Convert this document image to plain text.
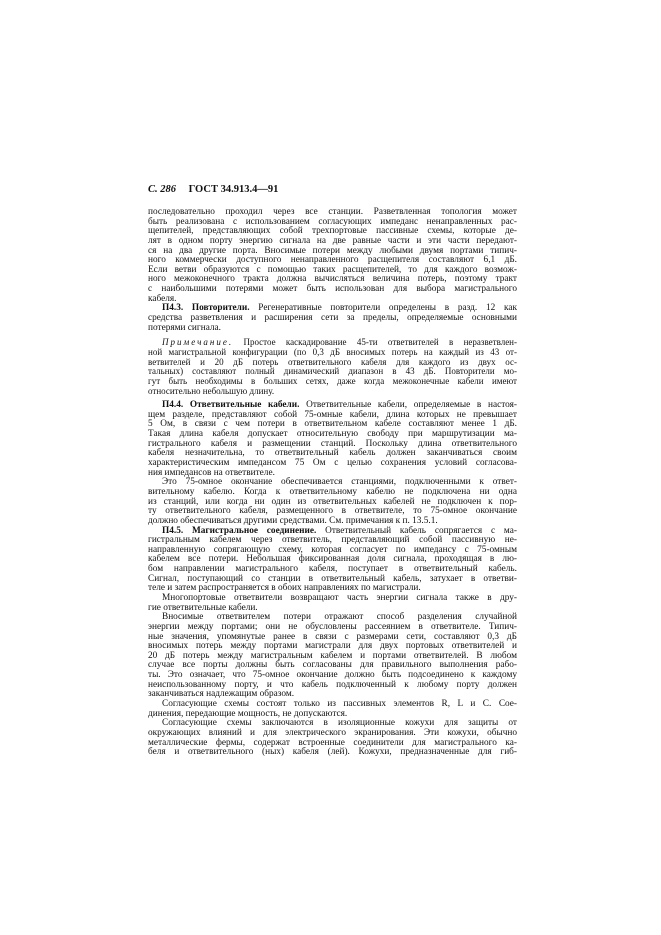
С. 286 ГОСТ 34.913.4—91
последовательно проходил через все станции. Разветвленная топология может
быть реализована с использованием согласующих импеданс ненаправленных рас-
щепителей, представляющих собой трехпортовые пассивные схемы, которые де-
лят в одном порту энергию сигнала на две равные части и эти части передают-
ся на два другие порта. Вносимые потери между любыми двумя портами типич-
ного коммерчески доступного ненаправленного расщепителя составляют 6,1 дБ.
Если ветви образуются с помощью таких расщепителей, то для каждого возмож-
ного межоконечного тракта должна вычисляться величина потерь, поэтому тракт
с наибольшими потерями может быть использован для выбора магистрального
кабеля.
П4.3. Повторители. Регенеративные повторители определены в разд. 12 как
средства разветвления и расширения сети за пределы, определяемые основными
потерями сигнала.
Примечание. Простое каскадирование 45-ти ответвителей в неразветвлен-
ной магистральной конфигурации (по 0,3 дБ вносимых потерь на каждый из 43 от-
ветвителей и 20 дБ потерь ответвительного кабеля для каждого из двух ос-
тальных) составляют полный динамический диапазон в 43 дБ. Повторители мо-
гут быть необходимы в больших сетях, даже когда межоконечные кабели имеют
относительно небольшую длину.
П4.4. Ответвительные кабели. Ответвительные кабели, определяемые в настоя-
щем разделе, представляют собой 75-омные кабели, длина которых не превышает
5 Ом, в связи с чем потери в ответвительном кабеле составляют менее 1 дБ.
Такая длина кабеля допускает относительную свободу при маршрутизации ма-
гистрального кабеля и размещении станций. Поскольку длина ответвительного
кабеля незначительна, то ответвительный кабель должен заканчиваться своим
характеристическим импедансом 75 Ом с целью сохранения условий согласова-
ния импедансов на ответвителе.
Это 75-омное окончание обеспечивается станциями, подключенными к ответ-
вительному кабелю. Когда к ответвительному кабелю не подключена ни одна
из станций, или когда ни один из ответвительных кабелей не подключен к пор-
ту ответвительного кабеля, размещенного в ответвителе, то 75-омное окончание
должно обеспечиваться другими средствами. См. примечания к п. 13.5.1.
П4.5. Магистральное соединение. Ответвительный кабель сопрягается с ма-
гистральным кабелем через ответвитель, представляющий собой пассивную не-
направленную сопрягающую схему, которая согласует по импедансу с 75-омным
кабелем все потери. Небольшая фиксированная доля сигнала, проходящая в лю-
бом направлении магистрального кабеля, поступает в ответвительный кабель.
Сигнал, поступающий со станции в ответвительный кабель, затухает в ответви-
теле и затем распространяется в обоих направлениях по магистрали.
Многопортовые ответвители возвращают часть энергии сигнала также в дру-
гие ответвительные кабели.
Вносимые ответвителем потери отражают способ разделения случайной
энергии между портами; они не обусловлены рассеянием в ответвителе. Типич-
ные значения, упомянутые ранее в связи с размерами сети, составляют 0,3 дБ
вносимых потерь между портами магистрали для двух портовых ответвителей и
20 дБ потерь между магистральным кабелем и портами ответвителей. В любом
случае все порты должны быть согласованы для правильного выполнения рабо-
ты. Это означает, что 75-омное окончание должно быть подсоединено к каждому
неиспользованному порту, и что кабель подключенный к любому порту должен
заканчиваться надлежащим образом.
Согласующие схемы состоят только из пассивных элементов R, L и C. Сое-
динения, передающие мощность, не допускаются.
Согласующие схемы заключаются в изоляционные кожухи для защиты от
окружающих влияний и для электрического экранирования. Эти кожухи, обычно
металлические фермы, содержат встроенные соединители для магистрального ка-
беля и ответвительного (ных) кабеля (лей). Кожухи, предназначенные для гиб-
